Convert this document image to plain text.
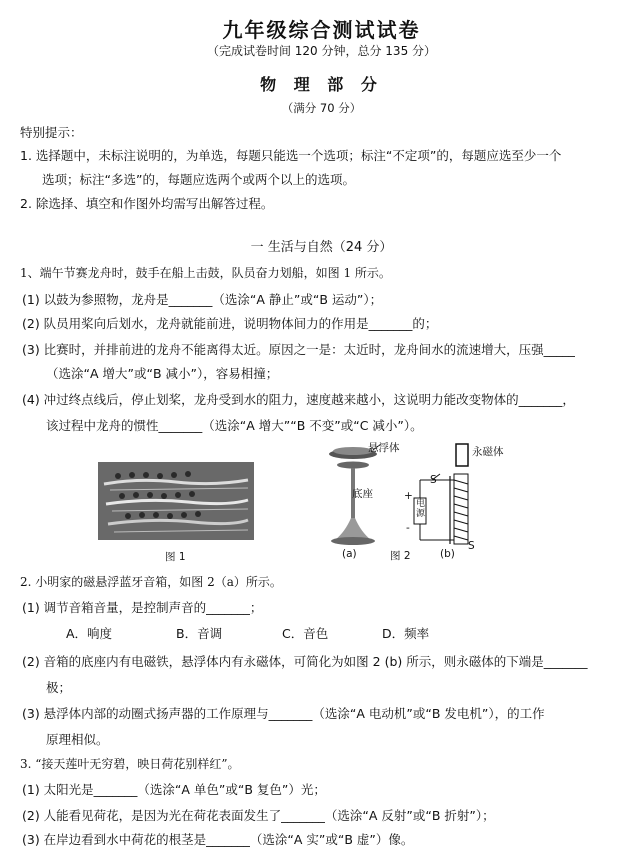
九年级综合测试试卷
（完成试卷时间 120 分钟，总分 135 分）
物 理 部 分
（满分 70 分）
特别提示：
1. 选择题中，未标注说明的，为单选，每题只能选一个选项；标注“不定项”的，每题应选至少一个
选项；标注“多选”的，每题应选两个或两个以上的选项。
2. 除选择、填空和作图外均需写出解答过程。
一 生活与自然（24 分）
1、端午节赛龙舟时，鼓手在船上击鼓，队员奋力划船，如图 1 所示。
(1) 以鼓为参照物，龙舟是_______（选涂“A 静止”或“B 运动”）；
(2) 队员用桨向后划水，龙舟就能前进，说明物体间力的作用是_______的；
(3) 比赛时，并排前进的龙舟不能离得太近。原因之一是：太近时，龙舟间水的流速增大，压强_____
（选涂“A 增大”或“B 减小”），容易相撞；
(4) 冲过终点线后，停止划桨，龙舟受到水的阻力，速度越来越小，这说明力能改变物体的_______，
该过程中龙舟的惯性_______（选涂“A 增大”“B 不变”或“C 减小”）。
图 1
悬浮体
底座
(a)	图 2
永磁体
S
+
-
电源
S
(b)
2. 小明家的磁悬浮蓝牙音箱，如图 2（a）所示。
(1) 调节音箱音量，是控制声音的_______；
A．响度	B．音调	C．音色	D．频率
(2) 音箱的底座内有电磁铁，悬浮体内有永磁体，可简化为如图 2 (b) 所示，则永磁体的下端是_______
极；
(3) 悬浮体内部的动圈式扬声器的工作原理与_______（选涂“A 电动机”或“B 发电机”），的工作
原理相似。
3. “接天莲叶无穷碧，映日荷花别样红”。
(1) 太阳光是_______（选涂“A 单色”或“B 复色”）光；
(2) 人能看见荷花，是因为光在荷花表面发生了_______（选涂“A 反射”或“B 折射”）；
(3) 在岸边看到水中荷花的根茎是_______（选涂“A 实”或“B 虚”）像。
